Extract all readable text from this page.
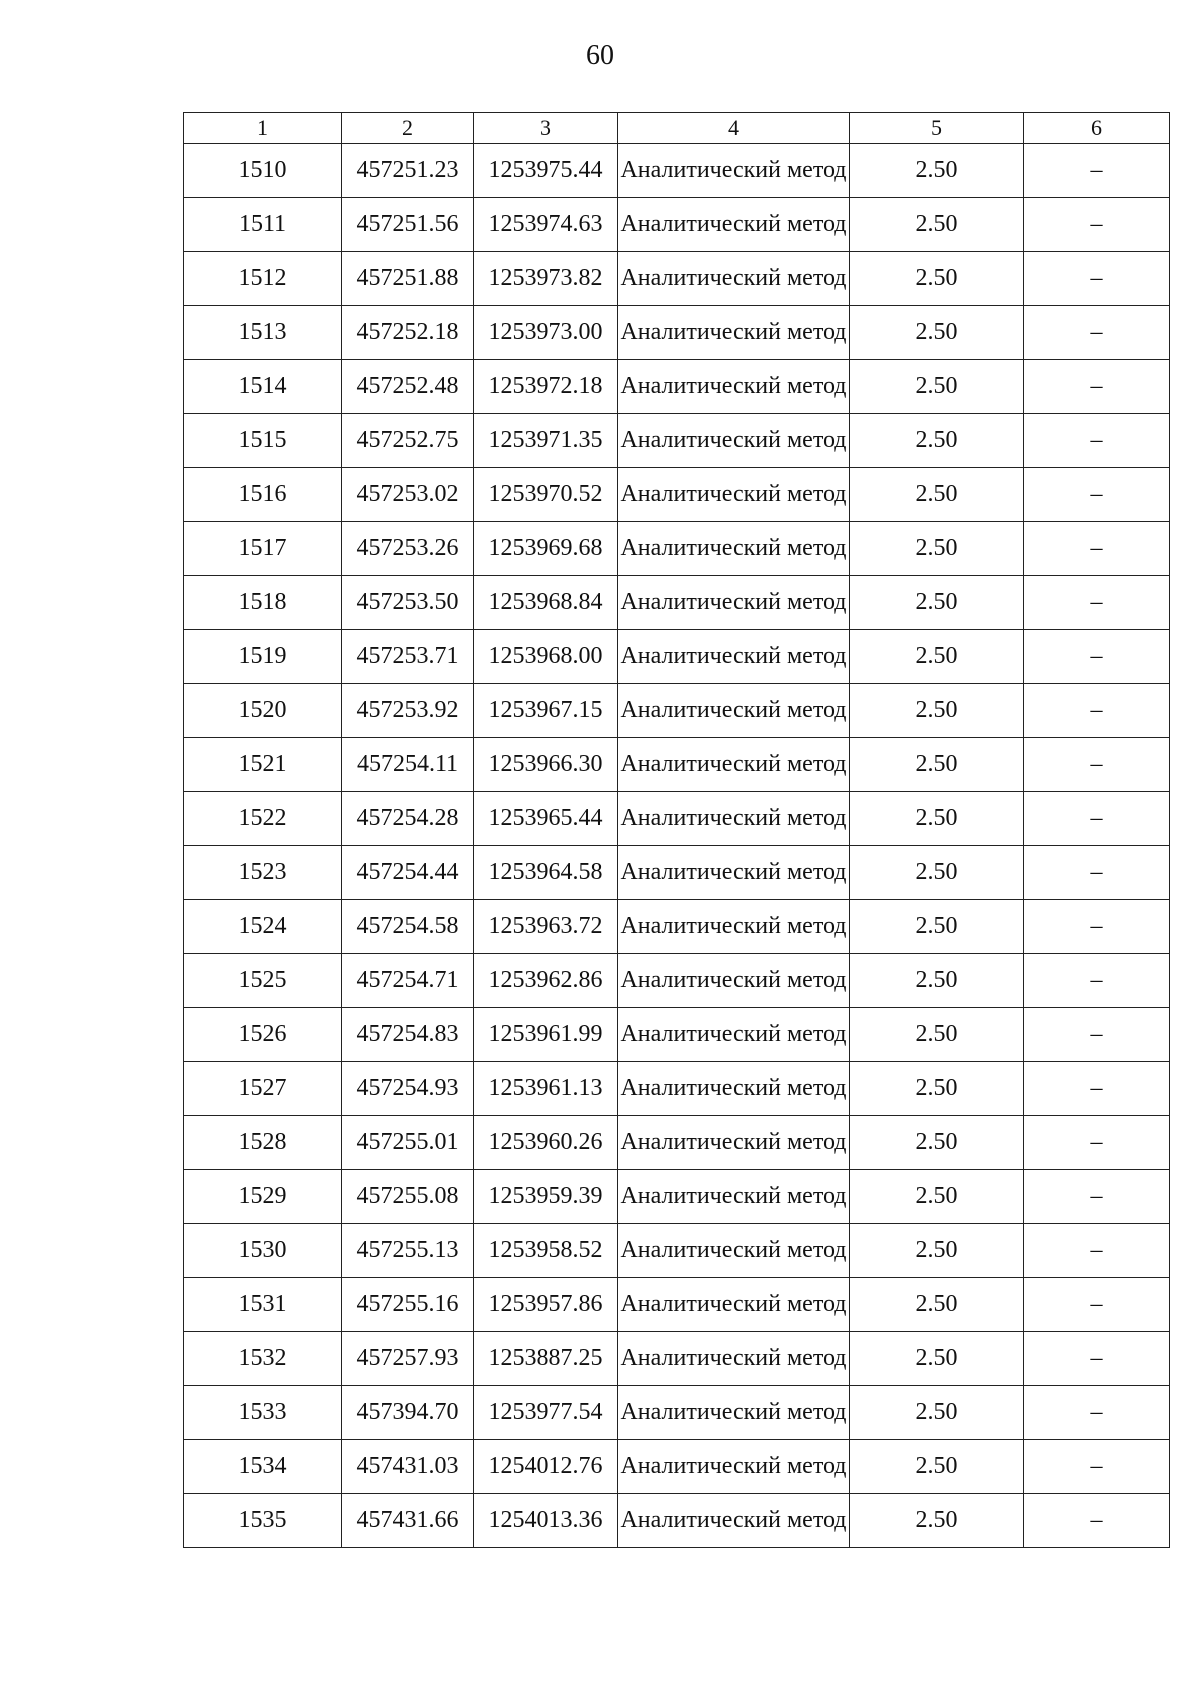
60
1	2	3	4	5	6
1510	457251.23	1253975.44	Аналитический метод	2.50	–
1511	457251.56	1253974.63	Аналитический метод	2.50	–
1512	457251.88	1253973.82	Аналитический метод	2.50	–
1513	457252.18	1253973.00	Аналитический метод	2.50	–
1514	457252.48	1253972.18	Аналитический метод	2.50	–
1515	457252.75	1253971.35	Аналитический метод	2.50	–
1516	457253.02	1253970.52	Аналитический метод	2.50	–
1517	457253.26	1253969.68	Аналитический метод	2.50	–
1518	457253.50	1253968.84	Аналитический метод	2.50	–
1519	457253.71	1253968.00	Аналитический метод	2.50	–
1520	457253.92	1253967.15	Аналитический метод	2.50	–
1521	457254.11	1253966.30	Аналитический метод	2.50	–
1522	457254.28	1253965.44	Аналитический метод	2.50	–
1523	457254.44	1253964.58	Аналитический метод	2.50	–
1524	457254.58	1253963.72	Аналитический метод	2.50	–
1525	457254.71	1253962.86	Аналитический метод	2.50	–
1526	457254.83	1253961.99	Аналитический метод	2.50	–
1527	457254.93	1253961.13	Аналитический метод	2.50	–
1528	457255.01	1253960.26	Аналитический метод	2.50	–
1529	457255.08	1253959.39	Аналитический метод	2.50	–
1530	457255.13	1253958.52	Аналитический метод	2.50	–
1531	457255.16	1253957.86	Аналитический метод	2.50	–
1532	457257.93	1253887.25	Аналитический метод	2.50	–
1533	457394.70	1253977.54	Аналитический метод	2.50	–
1534	457431.03	1254012.76	Аналитический метод	2.50	–
1535	457431.66	1254013.36	Аналитический метод	2.50	–
